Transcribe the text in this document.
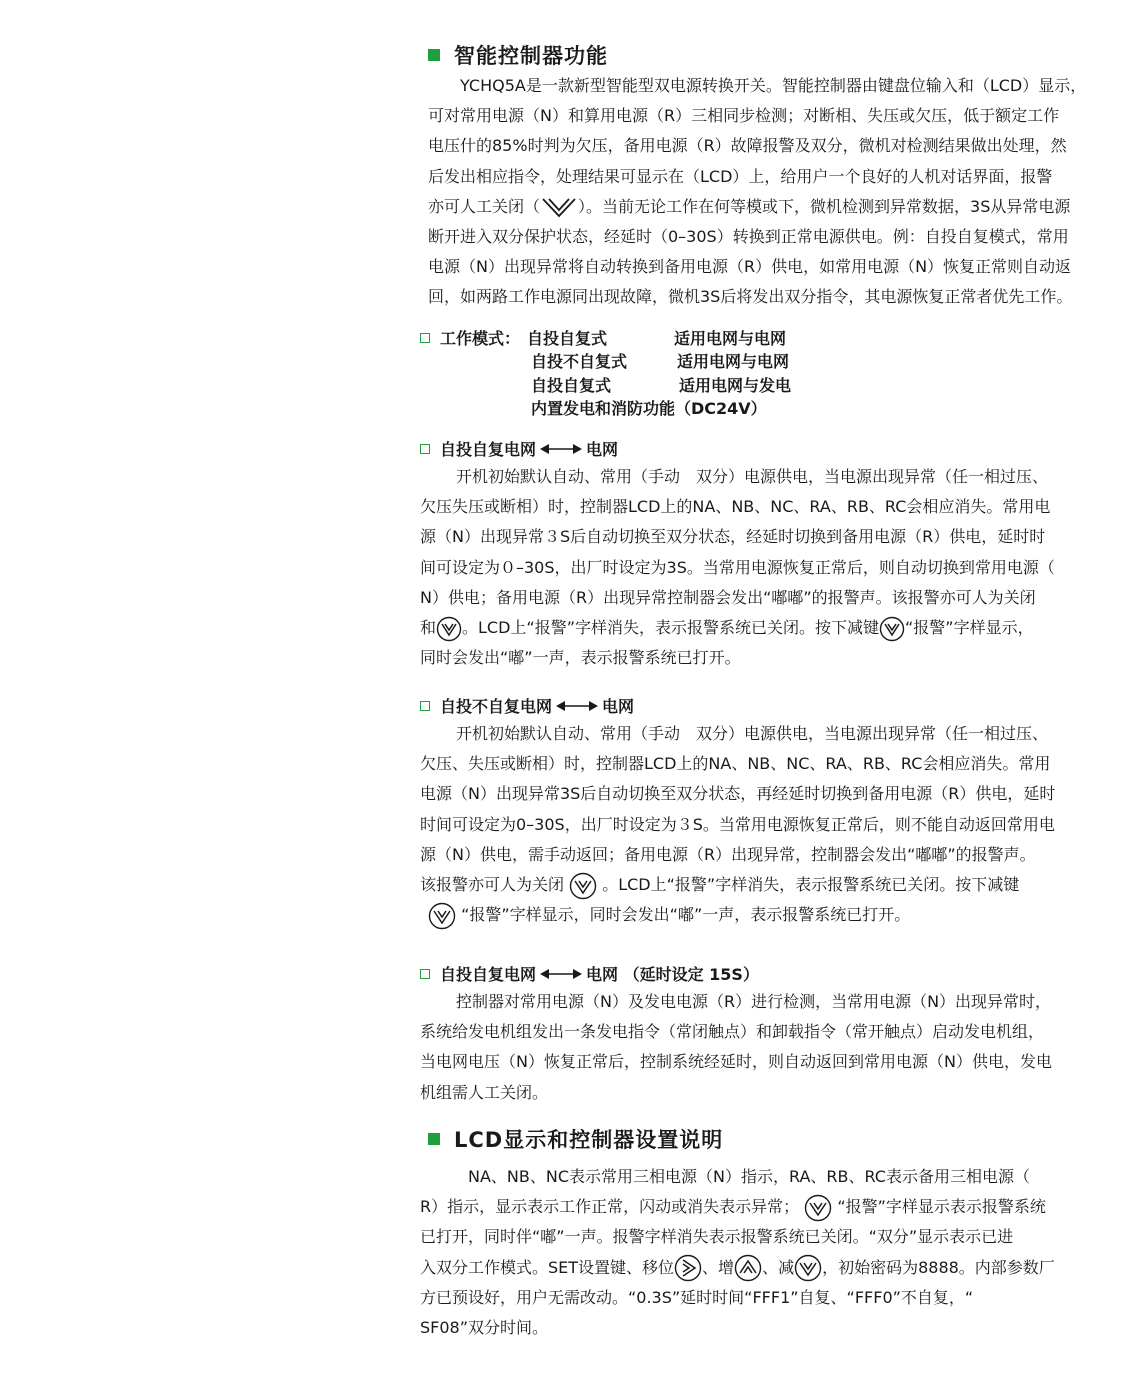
智能控制器功能
YCHQ5A是一款新型智能型双电源转换开关。智能控制器由键盘位输入和（LCD）显示，
可对常用电源（N）和算用电源（R）三相同步检测；对断相、失压或欠压，低于额定工作
电压什的85%时判为欠压，备用电源（R）故障报警及双分，微机对检测结果做出处理，然
后发出相应指令，处理结果可显示在（LCD）上，给用户一个良好的人机对话界面，报警
亦可人工关闭（ ）。当前无论工作在何等模或下，微机检测到异常数据，3S从异常电源
断开进入双分保护状态，经延时（0–30S）转换到正常电源供电。例：自投自复模式，常用
电源（N）出现异常将自动转换到备用电源（R）供电，如常用电源（N）恢复正常则自动返
回，如两路工作电源同出现故障，微机3S后将发出双分指令，其电源恢复正常者优先工作。
工作模式： 自投自复式	适用电网与电网
自投不自复式	适用电网与电网
自投自复式	适用电网与发电
内置发电和消防功能（DC24V）
自投自复电网	电网
开机初始默认自动、常用（手动　双分）电源供电，当电源出现异常（任一相过压、
欠压失压或断相）时，控制器LCD上的NA、NB、NC、RA、RB、RC会相应消失。常用电
源（N）出现异常３S后自动切换至双分状态，经延时切换到备用电源（R）供电，延时时
间可设定为０–30S，出厂时设定为3S。当常用电源恢复正常后，则自动切换到常用电源（
N）供电；备用电源（R）出现异常控制器会发出“嘟嘟”的报警声。该报警亦可人为关闭
和 。LCD上“报警”字样消失，表示报警系统已关闭。按下减键 “报警”字样显示，
同时会发出“嘟”一声，表示报警系统已打开。
自投不自复电网	电网
开机初始默认自动、常用（手动　双分）电源供电，当电源出现异常（任一相过压、
欠压、失压或断相）时，控制器LCD上的NA、NB、NC、RA、RB、RC会相应消失。常用
电源（N）出现异常3S后自动切换至双分状态，再经延时切换到备用电源（R）供电，延时
时间可设定为0–30S，出厂时设定为３S。当常用电源恢复正常后，则不能自动返回常用电
源（N）供电，需手动返回；备用电源（R）出现异常，控制器会发出“嘟嘟”的报警声。
该报警亦可人为关闭 。LCD上“报警”字样消失，表示报警系统已关闭。按下减键
“报警”字样显示，同时会发出“嘟”一声，表示报警系统已打开。
自投自复电网	电网 （延时设定 15S）
控制器对常用电源（N）及发电电源（R）进行检测，当常用电源（N）出现异常时，
系统给发电机组发出一条发电指令（常闭触点）和卸载指令（常开触点）启动发电机组，
当电网电压（N）恢复正常后，控制系统经延时，则自动返回到常用电源（N）供电，发电
机组需人工关闭。
LCD显示和控制器设置说明
NA、NB、NC表示常用三相电源（N）指示，RA、RB、RC表示备用三相电源（
R）指示，显示表示工作正常，闪动或消失表示异常； “报警”字样显示表示报警系统
已打开，同时伴“嘟”一声。报警字样消失表示报警系统已关闭。“双分”显示表示已进
入双分工作模式。SET设置键、移位 、增 、减 ，初始密码为8888。内部参数厂
方已预设好，用户无需改动。“0.3S”延时时间“FFF1”自复、“FFF0”不自复，“
SF08”双分时间。
